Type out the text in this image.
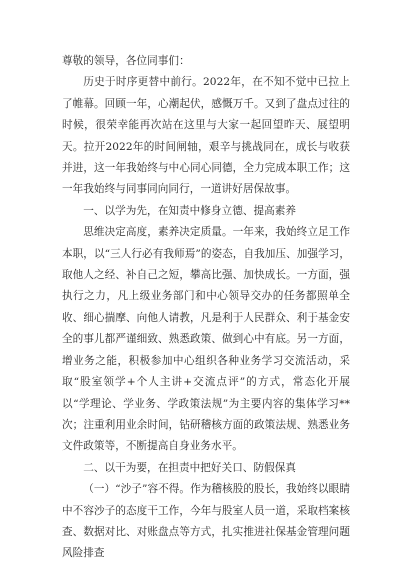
尊敬的领导，各位同事们：

历史于时序更替中前行。2022年，在不知不觉中已拉上了帷幕。回顾一年，心潮起伏，感慨万千。又到了盘点过往的时候，很荣幸能再次站在这里与大家一起回望昨天、展望明天。拉开2022年的时间闸轴，艰辛与挑战同在，成长与收获并进，这一年我始终与中心同心同德，全力完成本职工作；这一年我始终与同事同向同行，一道讲好居保故事。

一、以学为先，在知责中修身立德、提高素养

思维决定高度，素养决定质量。一年来，我始终立足工作本职，以“三人行必有我师焉”的姿态，自我加压、加强学习，取他人之经、补自己之短，攀高比强、加快成长。一方面，强执行之力，凡上级业务部门和中心领导交办的任务都照单全收、细心揣摩、向他人请教，凡是利于人民群众、利于基金安全的事儿都严谨细致、熟悉政策、做到心中有底。另一方面，增业务之能，积极参加中心组织各种业务学习交流活动，采取“股室领学+个人主讲+交流点评”的方式，常态化开展以“学理论、学业务、学政策法规”为主要内容的集体学习**次；注重利用业余时间，钻研稽核方面的政策法规、熟悉业务文件政策等，不断提高自身业务水平。

二、以干为要，在担责中把好关口、防假保真

（一）“沙子”容不得。作为稽核股的股长，我始终以眼睛中不容沙子的态度干工作，今年与股室人员一道，采取档案核查、数据对比、对账盘点等方式，扎实推进社保基金管理问题风险排查
